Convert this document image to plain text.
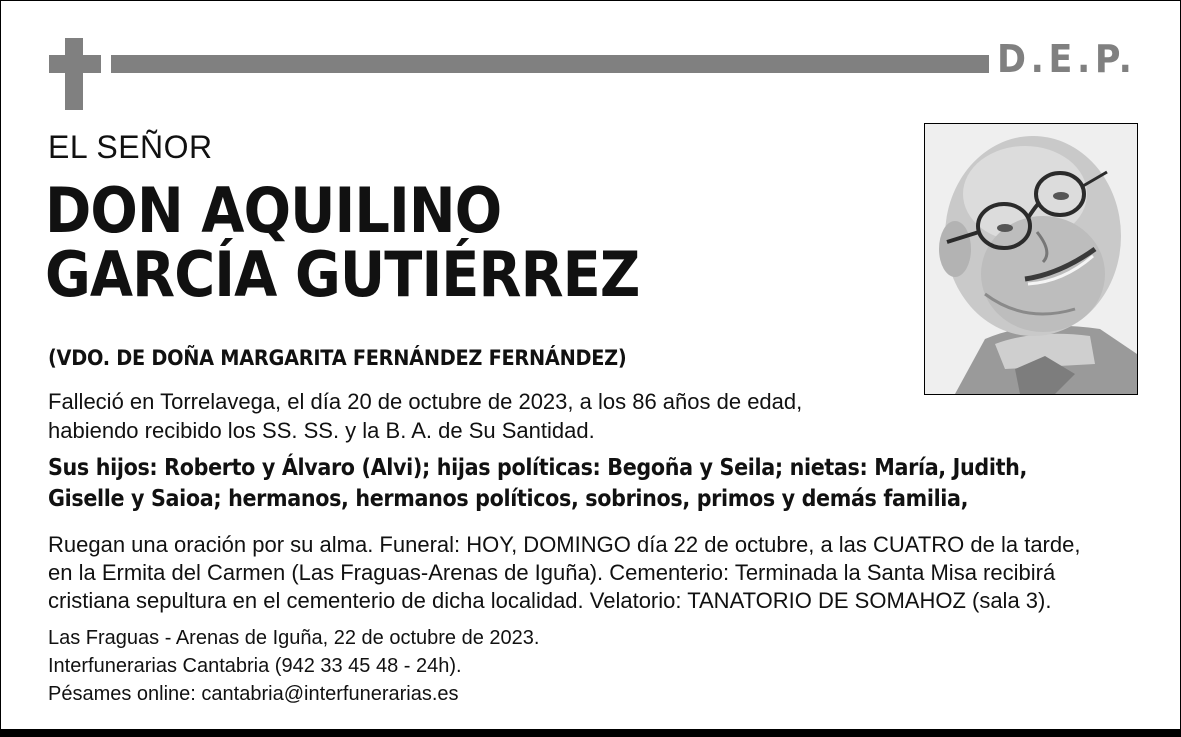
D.E.P.
EL SEÑOR
DON AQUILINO
GARCÍA GUTIÉRREZ
(VDO. DE DOÑA MARGARITA FERNÁNDEZ FERNÁNDEZ)
Falleció en Torrelavega, el día 20 de octubre de 2023, a los 86 años de edad,
habiendo recibido los SS. SS. y la B. A. de Su Santidad.
Sus hijos: Roberto y Álvaro (Alvi); hijas políticas: Begoña y Seila; nietas: María, Judith,
Giselle y Saioa; hermanos, hermanos políticos, sobrinos, primos y demás familia,
Ruegan una oración por su alma. Funeral: HOY, DOMINGO día 22 de octubre, a las CUATRO de la tarde,
en la Ermita del Carmen (Las Fraguas-Arenas de Iguña). Cementerio: Terminada la Santa Misa recibirá
cristiana sepultura en el cementerio de dicha localidad. Velatorio: TANATORIO DE SOMAHOZ (sala 3).
Las Fraguas - Arenas de Iguña, 22 de octubre de 2023.
Interfunerarias Cantabria (942 33 45 48 - 24h).
Pésames online: cantabria@interfunerarias.es
